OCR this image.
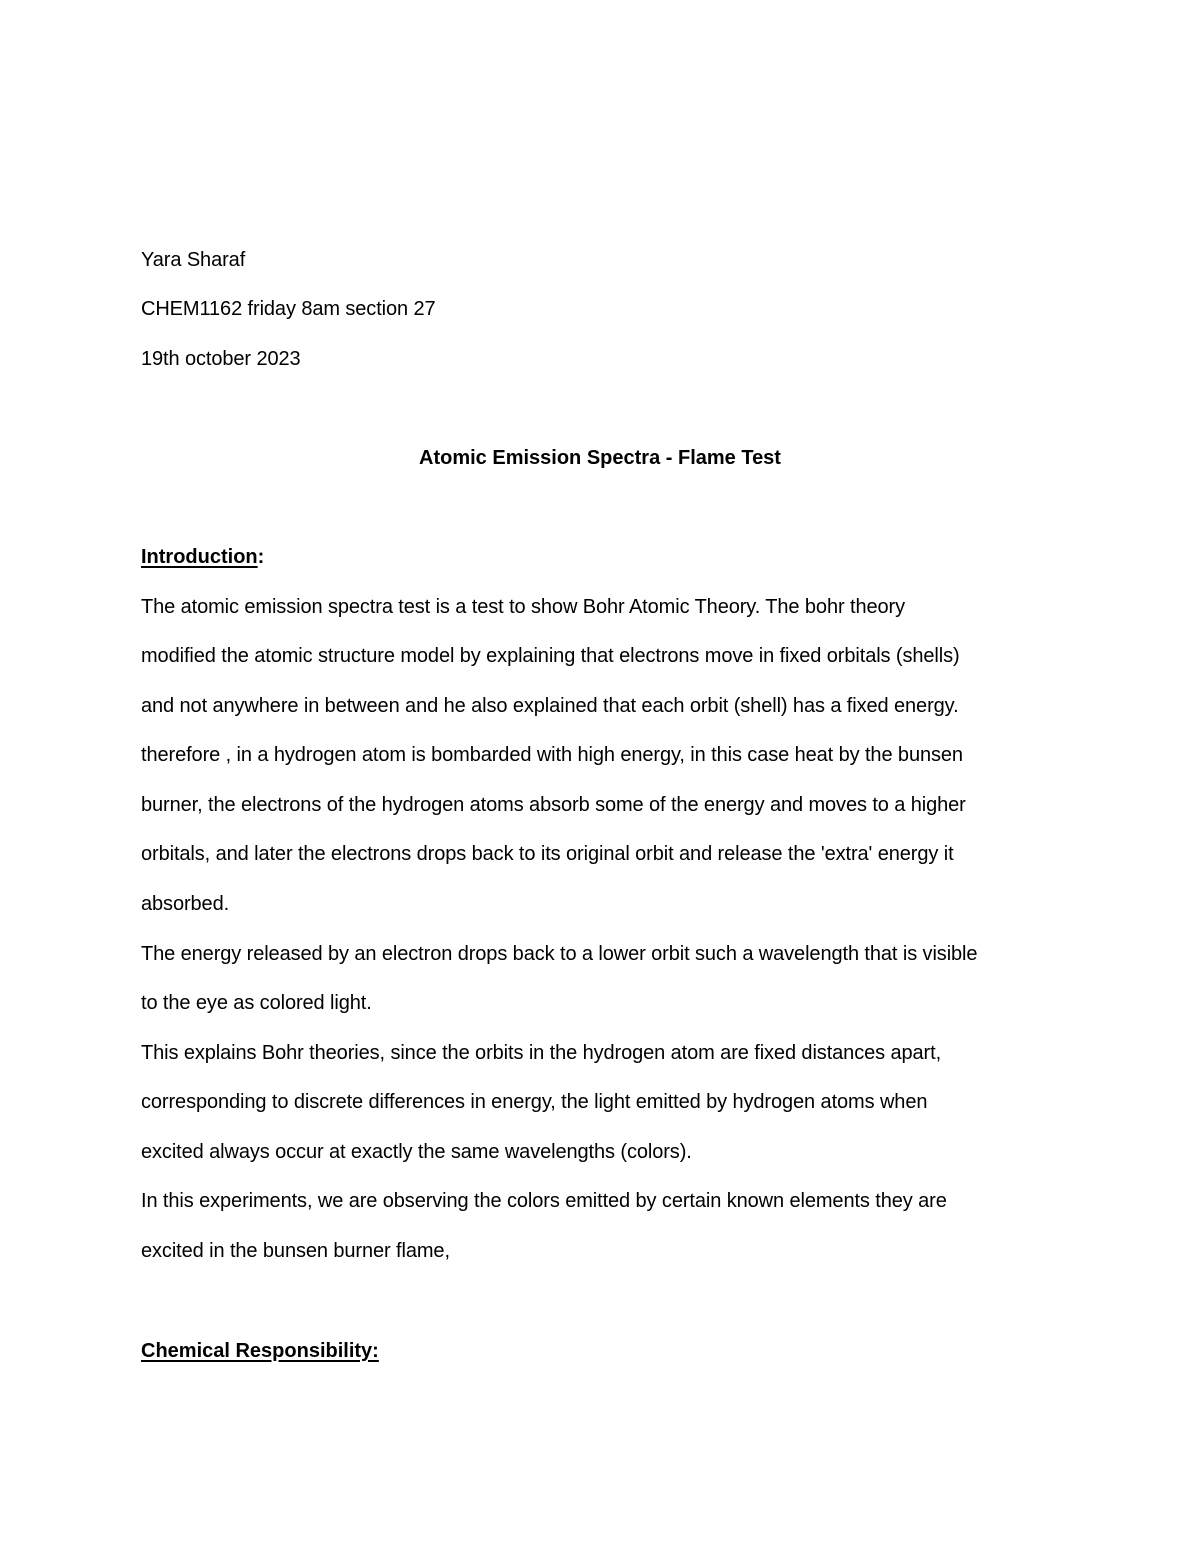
Yara Sharaf
CHEM1162 friday 8am section 27
19th october 2023
Atomic Emission Spectra - Flame Test
Introduction:
The atomic emission spectra test is a test to show Bohr Atomic Theory. The bohr theory
modified the atomic structure model by explaining that electrons move in fixed orbitals (shells)
and not anywhere in between and he also explained that each orbit (shell) has a fixed energy.
therefore , in a hydrogen atom is bombarded with high energy, in this case heat by the bunsen
burner, the electrons of the hydrogen atoms absorb some of the energy and moves to a higher
orbitals, and later the electrons drops back to its original orbit and release the 'extra' energy it
absorbed.
The energy released by an electron drops back to a lower orbit such a wavelength that is visible
to the eye as colored light.
This explains Bohr theories, since the orbits in the hydrogen atom are fixed distances apart,
corresponding to discrete differences in energy, the light emitted by hydrogen atoms when
excited always occur at exactly the same wavelengths (colors).
In this experiments, we are observing the colors emitted by certain known elements they are
excited in the bunsen burner flame,
Chemical Responsibility:
